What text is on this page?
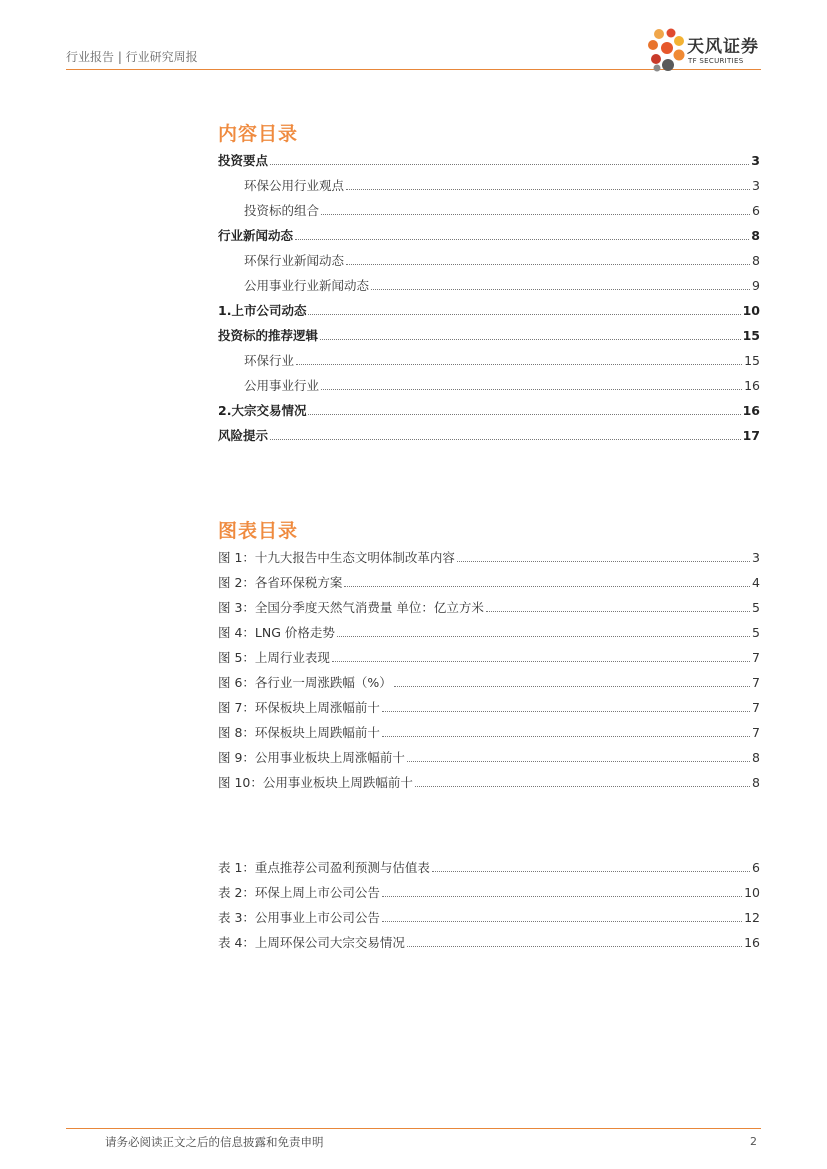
行业报告 | 行业研究周报	天风证券
TF SECURITIES
内容目录
投资要点	3
环保公用行业观点	3
投资标的组合	6
行业新闻动态	8
环保行业新闻动态	8
公用事业行业新闻动态	9
1.上市公司动态	10
投资标的推荐逻辑	15
环保行业	15
公用事业行业	16
2.大宗交易情况	16
风险提示	17
图表目录
图 1：十九大报告中生态文明体制改革内容	3
图 2：各省环保税方案	4
图 3：全国分季度天然气消费量 单位：亿立方米	5
图 4：LNG 价格走势	5
图 5：上周行业表现	7
图 6：各行业一周涨跌幅（%）	7
图 7：环保板块上周涨幅前十	7
图 8：环保板块上周跌幅前十	7
图 9：公用事业板块上周涨幅前十	8
图 10：公用事业板块上周跌幅前十	8
表 1：重点推荐公司盈利预测与估值表	6
表 2：环保上周上市公司公告	10
表 3：公用事业上市公司公告	12
表 4：上周环保公司大宗交易情况	16
请务必阅读正文之后的信息披露和免责申明	2
